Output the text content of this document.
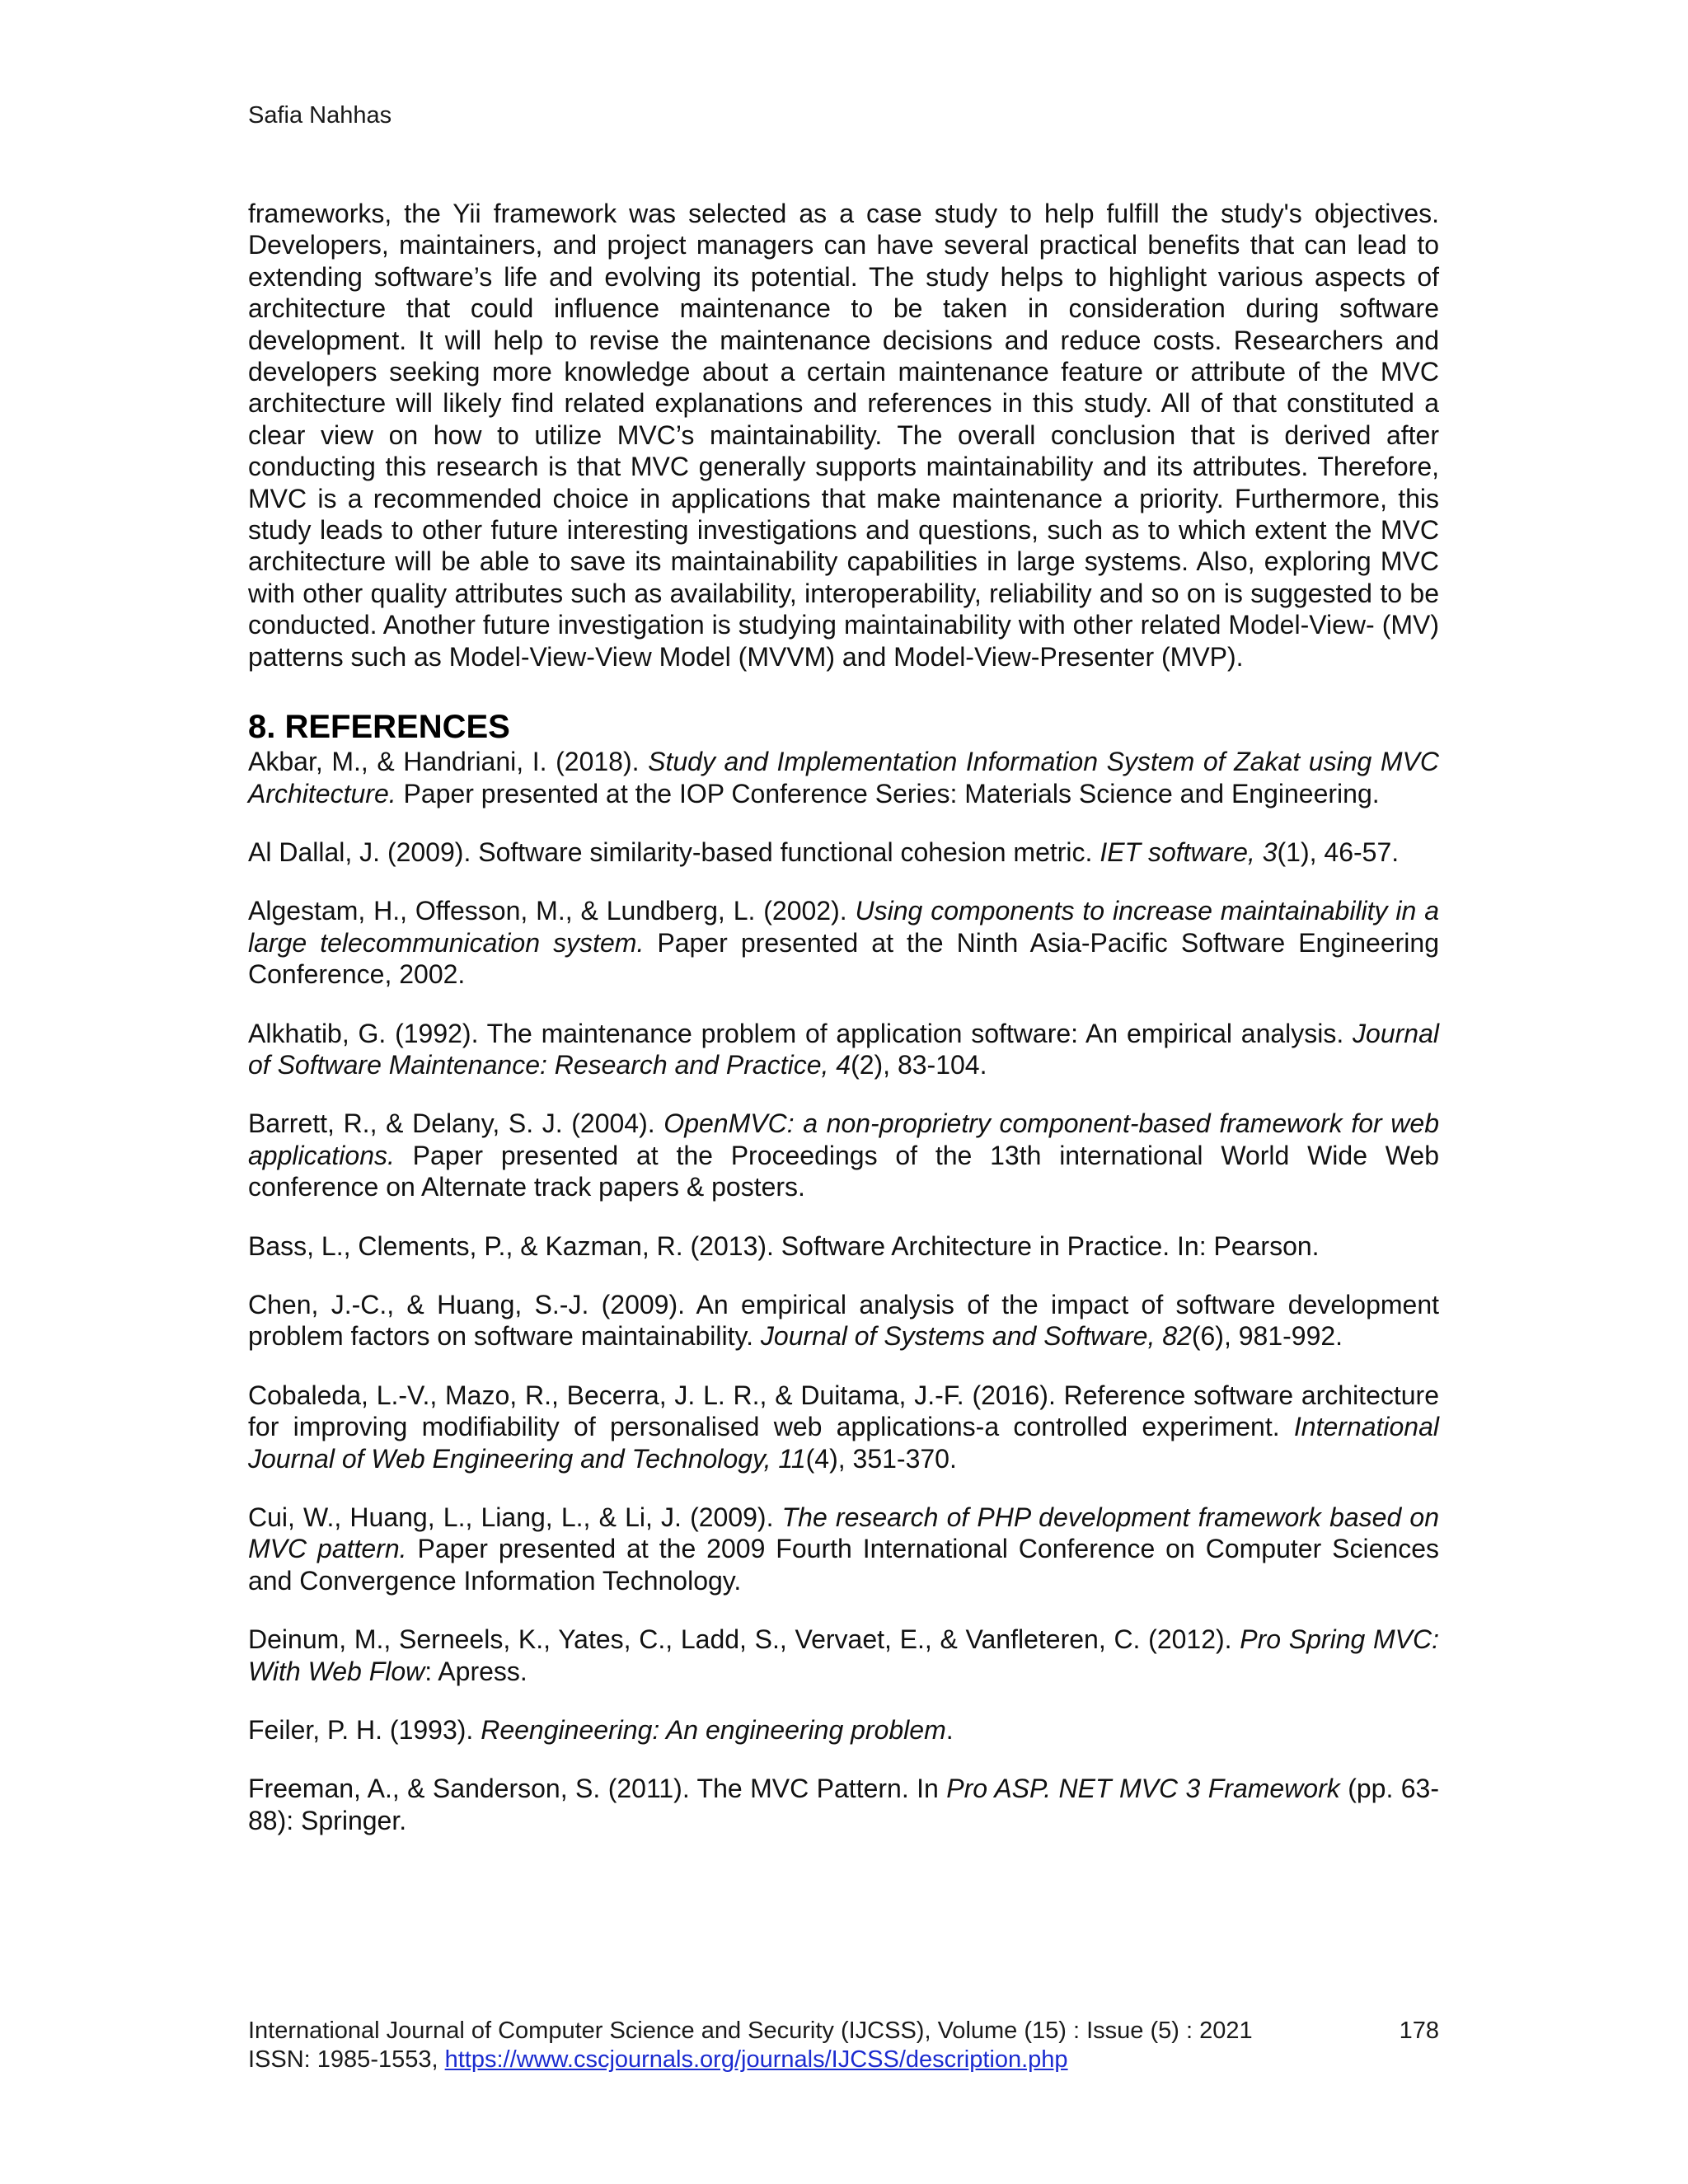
Safia Nahhas

frameworks, the Yii framework was selected as a case study to help fulfill the study's objectives. Developers, maintainers, and project managers can have several practical benefits that can lead to extending software’s life and evolving its potential. The study helps to highlight various aspects of architecture that could influence maintenance to be taken in consideration during software development. It will help to revise the maintenance decisions and reduce costs. Researchers and developers seeking more knowledge about a certain maintenance feature or attribute of the MVC architecture will likely find related explanations and references in this study. All of that constituted a clear view on how to utilize MVC’s maintainability. The overall conclusion that is derived after conducting this research is that MVC generally supports maintainability and its attributes. Therefore, MVC is a recommended choice in applications that make maintenance a priority. Furthermore, this study leads to other future interesting investigations and questions, such as to which extent the MVC architecture will be able to save its maintainability capabilities in large systems. Also, exploring MVC with other quality attributes such as availability, interoperability, reliability and so on is suggested to be conducted. Another future investigation is studying maintainability with other related Model-View- (MV) patterns such as Model-View-View Model (MVVM) and Model-View-Presenter (MVP).

8. REFERENCES

Akbar, M., & Handriani, I. (2018). Study and Implementation Information System of Zakat using MVC Architecture. Paper presented at the IOP Conference Series: Materials Science and Engineering.

Al Dallal, J. (2009). Software similarity-based functional cohesion metric. IET software, 3(1), 46-57.

Algestam, H., Offesson, M., & Lundberg, L. (2002). Using components to increase maintainability in a large telecommunication system. Paper presented at the Ninth Asia-Pacific Software Engineering Conference, 2002.

Alkhatib, G. (1992). The maintenance problem of application software: An empirical analysis. Journal of Software Maintenance: Research and Practice, 4(2), 83-104.

Barrett, R., & Delany, S. J. (2004). OpenMVC: a non-proprietry component-based framework for web applications. Paper presented at the Proceedings of the 13th international World Wide Web conference on Alternate track papers & posters.

Bass, L., Clements, P., & Kazman, R. (2013). Software Architecture in Practice. In: Pearson.

Chen, J.-C., & Huang, S.-J. (2009). An empirical analysis of the impact of software development problem factors on software maintainability. Journal of Systems and Software, 82(6), 981-992.

Cobaleda, L.-V., Mazo, R., Becerra, J. L. R., & Duitama, J.-F. (2016). Reference software architecture for improving modifiability of personalised web applications-a controlled experiment. International Journal of Web Engineering and Technology, 11(4), 351-370.

Cui, W., Huang, L., Liang, L., & Li, J. (2009). The research of PHP development framework based on MVC pattern. Paper presented at the 2009 Fourth International Conference on Computer Sciences and Convergence Information Technology.

Deinum, M., Serneels, K., Yates, C., Ladd, S., Vervaet, E., & Vanfleteren, C. (2012). Pro Spring MVC: With Web Flow: Apress.

Feiler, P. H. (1993). Reengineering: An engineering problem.

Freeman, A., & Sanderson, S. (2011). The MVC Pattern. In Pro ASP. NET MVC 3 Framework (pp. 63-88): Springer.

International Journal of Computer Science and Security (IJCSS), Volume (15) : Issue (5) : 2021	178
ISSN: 1985-1553, https://www.cscjournals.org/journals/IJCSS/description.php
